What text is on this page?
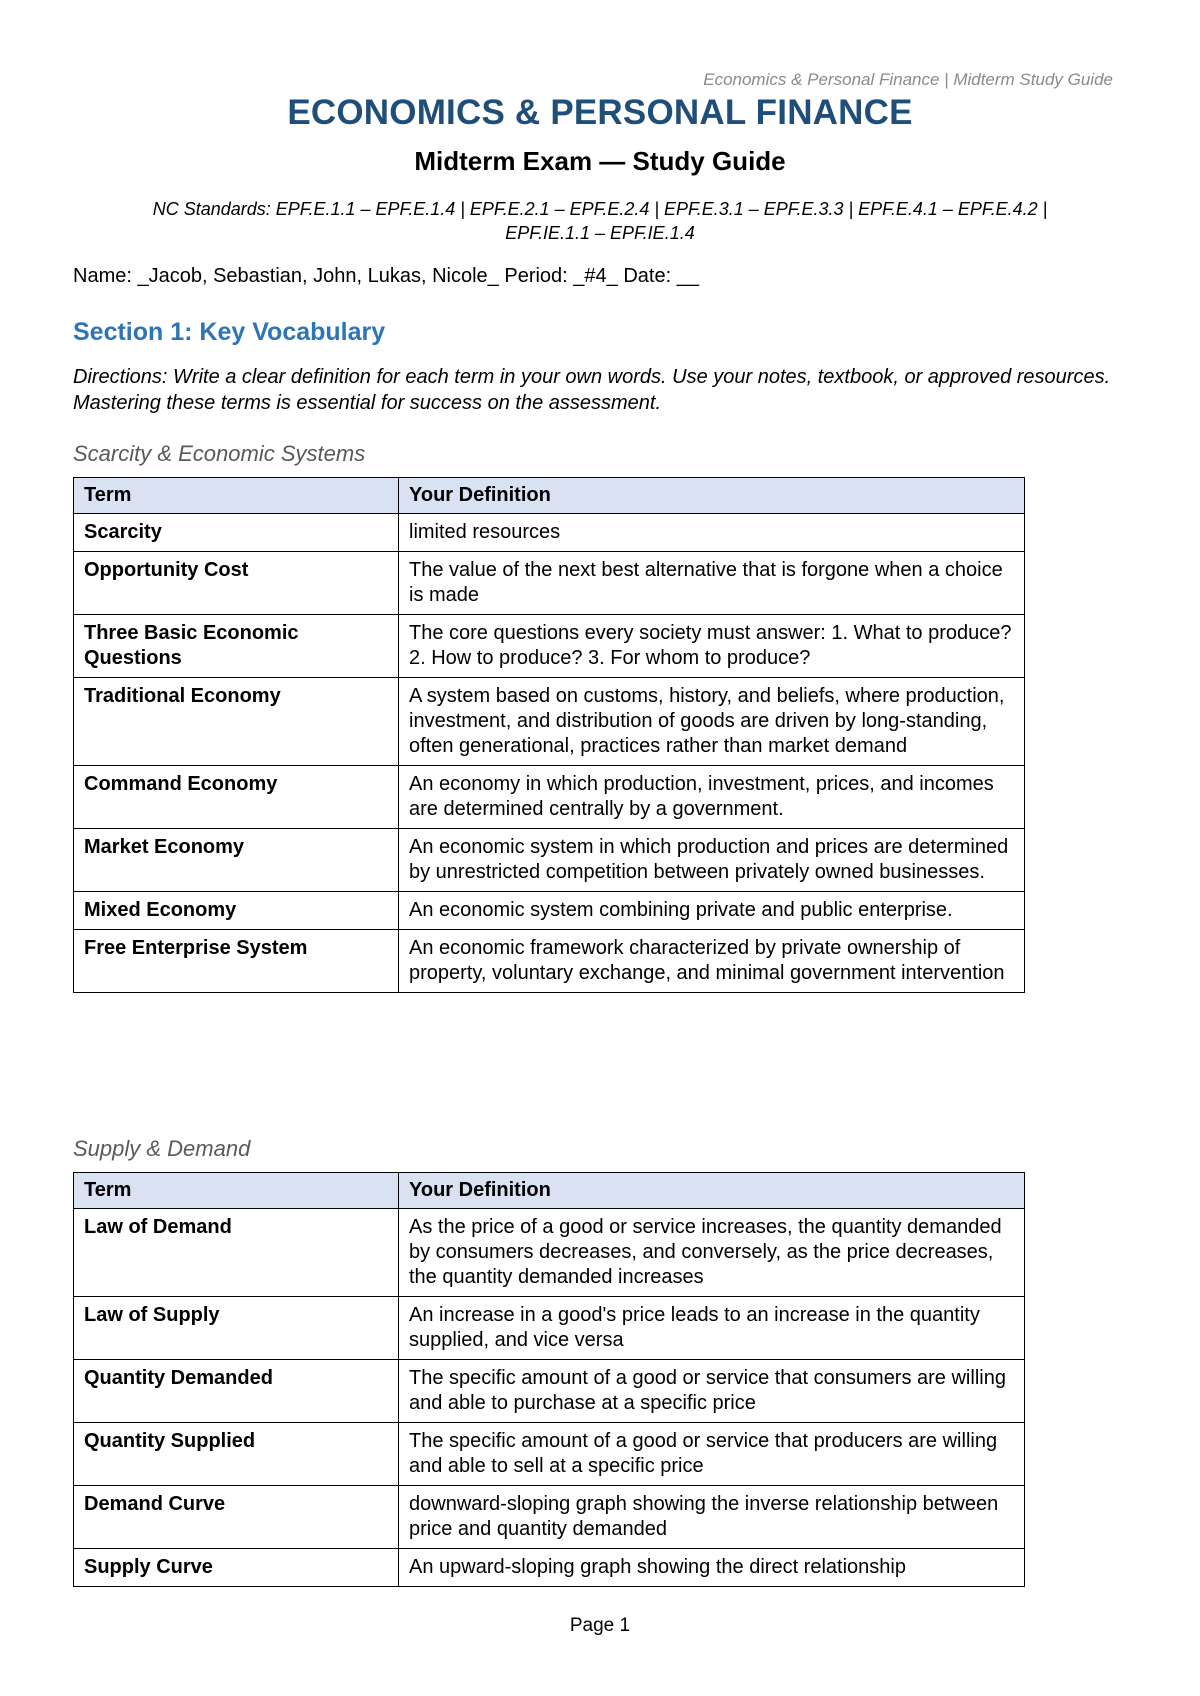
Economics & Personal Finance | Midterm Study Guide
ECONOMICS & PERSONAL FINANCE
Midterm Exam — Study Guide
NC Standards: EPF.E.1.1 – EPF.E.1.4 | EPF.E.2.1 – EPF.E.2.4 | EPF.E.3.1 – EPF.E.3.3 | EPF.E.4.1 – EPF.E.4.2 |
EPF.IE.1.1 – EPF.IE.1.4
Name: _Jacob, Sebastian, John, Lukas, Nicole_ Period: _#4_ Date: __
Section 1: Key Vocabulary
Directions: Write a clear definition for each term in your own words. Use your notes, textbook, or approved resources. Mastering these terms is essential for success on the assessment.
Scarcity & Economic Systems
Term	Your Definition
Scarcity	limited resources
Opportunity Cost	The value of the next best alternative that is forgone when a choice is made
Three Basic Economic Questions	The core questions every society must answer: 1. What to produce? 2. How to produce? 3. For whom to produce?
Traditional Economy	A system based on customs, history, and beliefs, where production, investment, and distribution of goods are driven by long-standing, often generational, practices rather than market demand
Command Economy	An economy in which production, investment, prices, and incomes are determined centrally by a government.
Market Economy	An economic system in which production and prices are determined by unrestricted competition between privately owned businesses.
Mixed Economy	An economic system combining private and public enterprise.
Free Enterprise System	An economic framework characterized by private ownership of property, voluntary exchange, and minimal government intervention
Supply & Demand
Term	Your Definition
Law of Demand	As the price of a good or service increases, the quantity demanded by consumers decreases, and conversely, as the price decreases, the quantity demanded increases
Law of Supply	An increase in a good's price leads to an increase in the quantity supplied, and vice versa
Quantity Demanded	The specific amount of a good or service that consumers are willing and able to purchase at a specific price
Quantity Supplied	The specific amount of a good or service that producers are willing and able to sell at a specific price
Demand Curve	downward-sloping graph showing the inverse relationship between price and quantity demanded
Supply Curve	An upward-sloping graph showing the direct relationship
Page 1
